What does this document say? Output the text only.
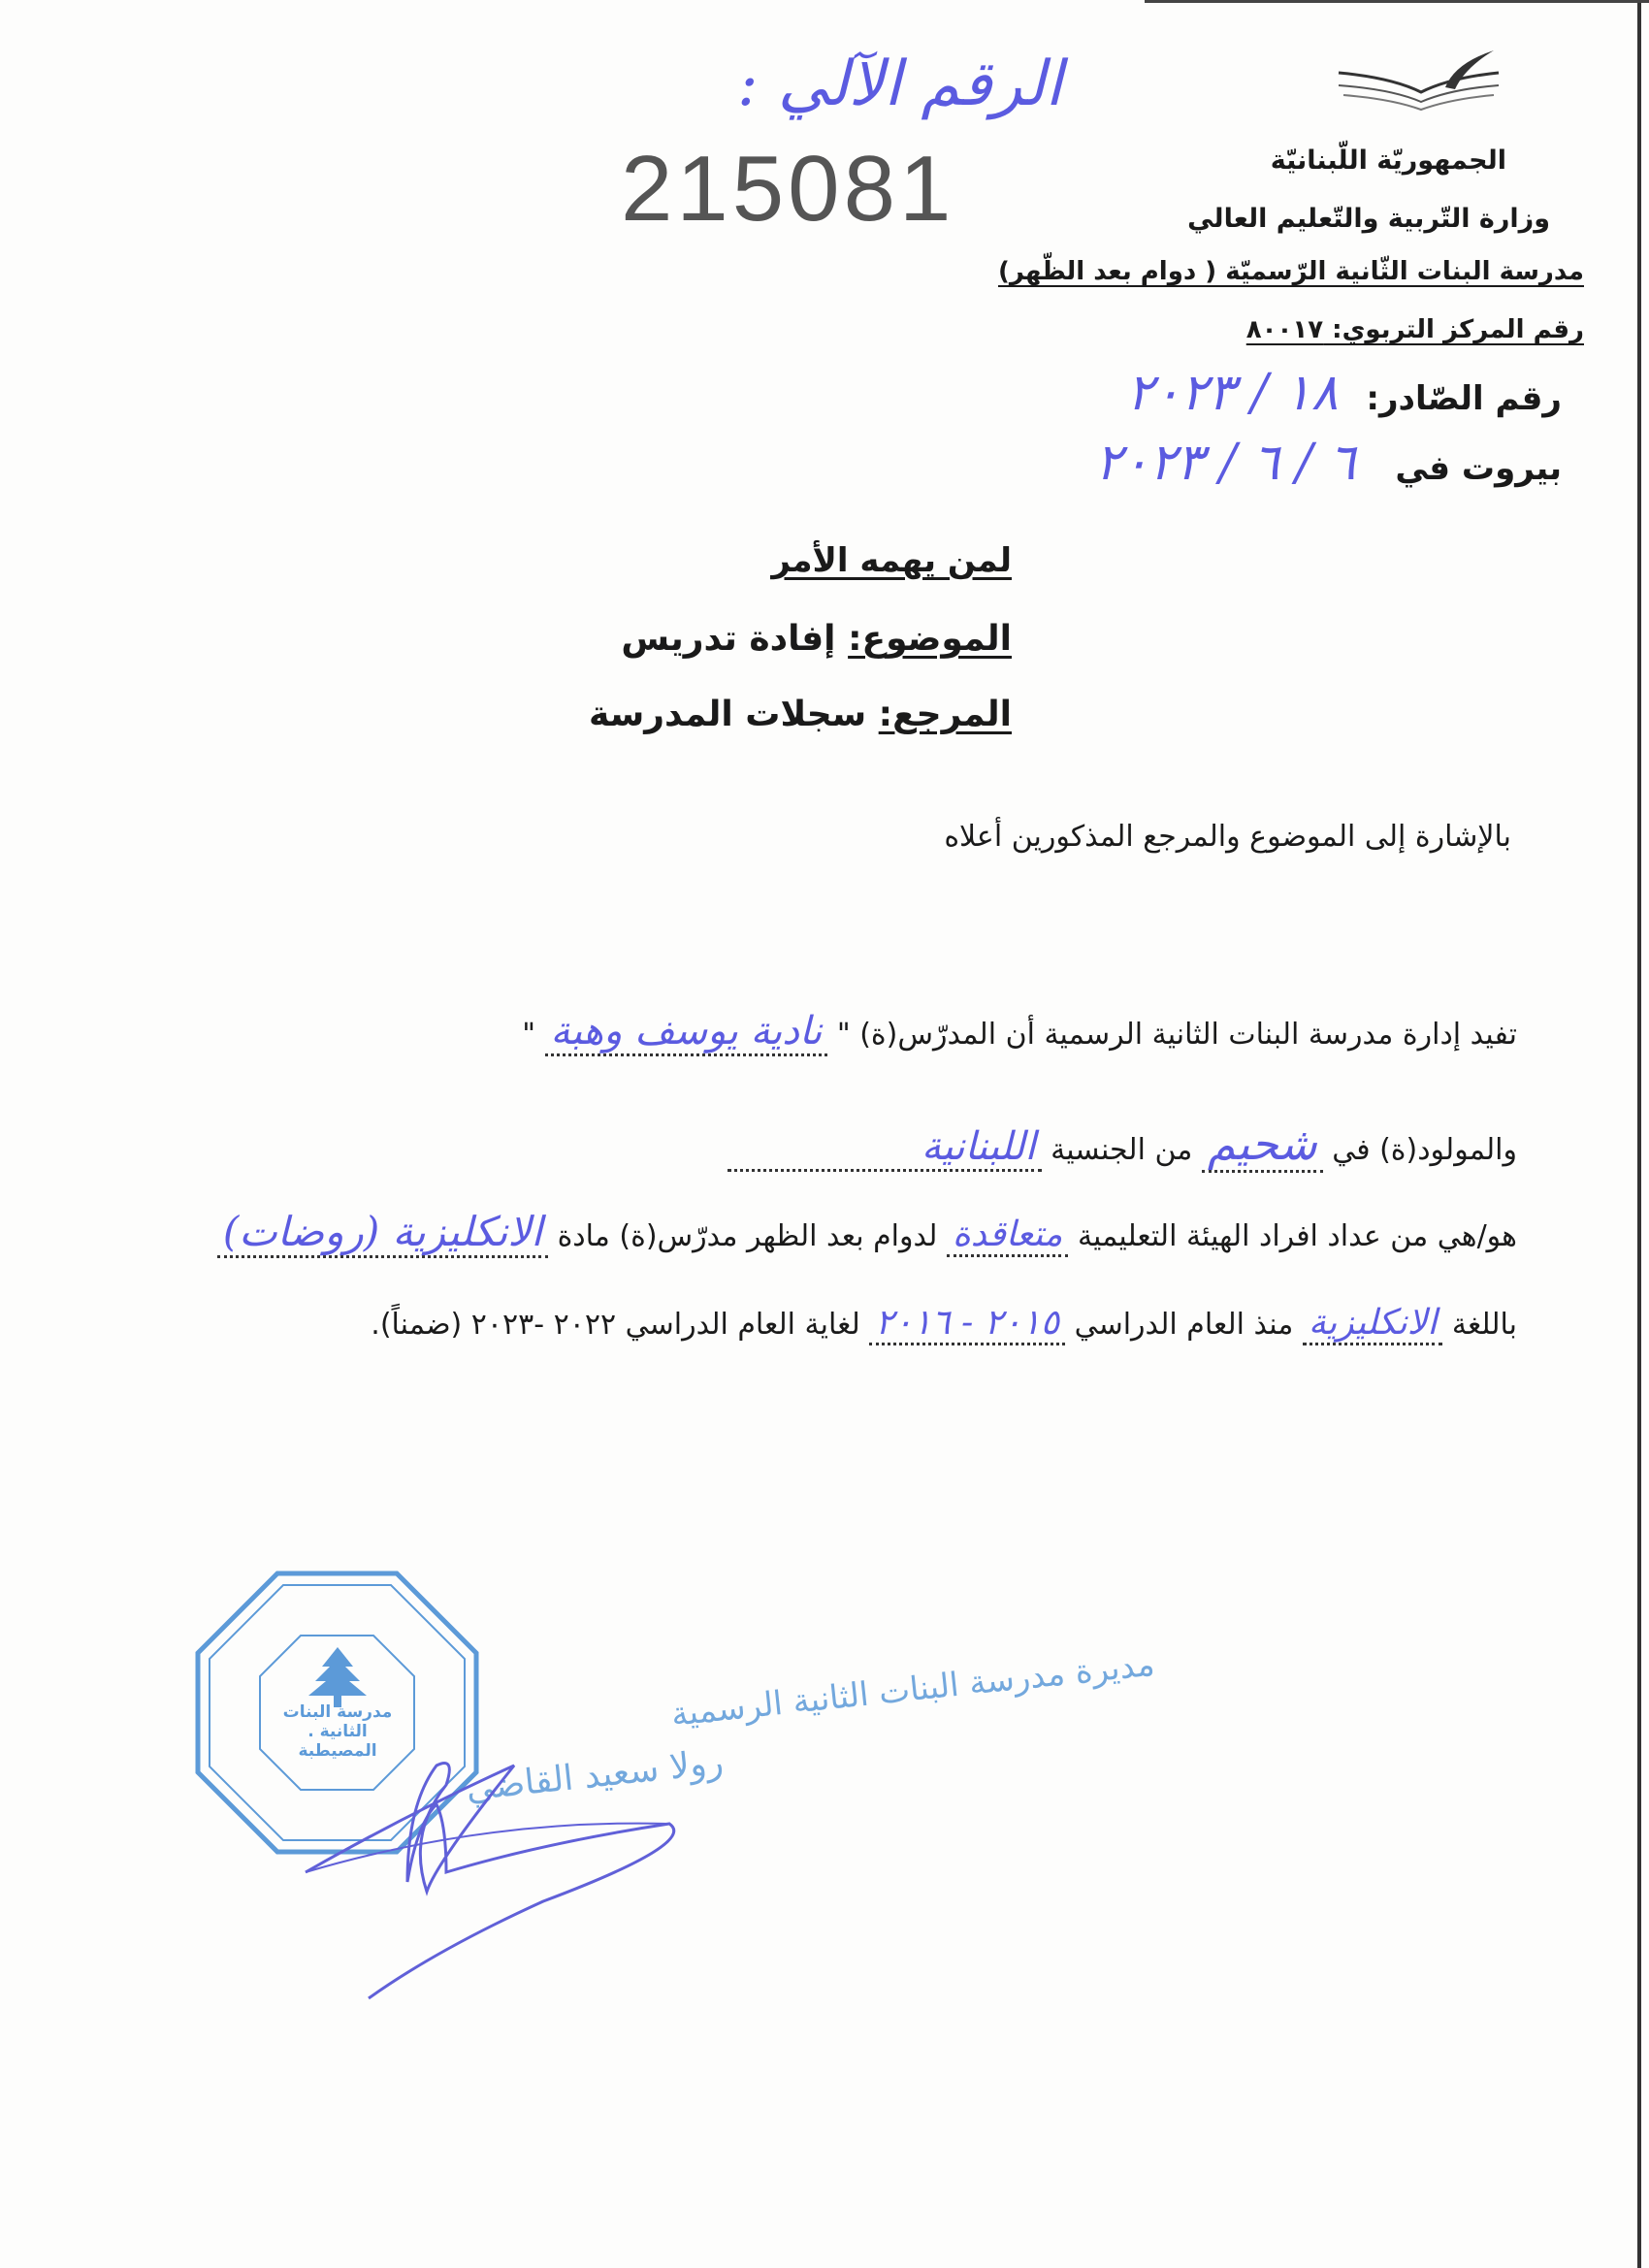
الرقم الآلي :
215081	الجمهوريّة اللّبنانيّة
وزارة التّربية والتّعليم العالي
مدرسة البنات الثّانية الرّسميّة ( دوام بعد الظّهر)
رقم المركز التربوي: ٨٠٠١٧
رقم الصّادر: ١٨ / ٢٠٢٣
بيروت في ٦ / ٦ / ٢٠٢٣
لمن يهمه الأمر
الموضوع: إفادة تدريس
المرجع: سجلات المدرسة
بالإشارة إلى الموضوع والمرجع المذكورين أعلاه
تفيد إدارة مدرسة البنات الثانية الرسمية أن المدرّس(ة) " نادية يوسف وهبة "
والمولود(ة) في شحيم من الجنسية اللبنانية
هو/هي من عداد افراد الهيئة التعليمية متعاقدة لدوام بعد الظهر مدرّس(ة) مادة الانكليزية (روضات)
باللغة الانكليزية منذ العام الدراسي ٢٠١٥ - ٢٠١٦ لغاية العام الدراسي ٢٠٢٢ -٢٠٢٣ (ضمناً).
مدرسة البنات الثانية . المصيطبة
مديرة مدرسة البنات الثانية الرسمية
رولا سعيد القاضي
